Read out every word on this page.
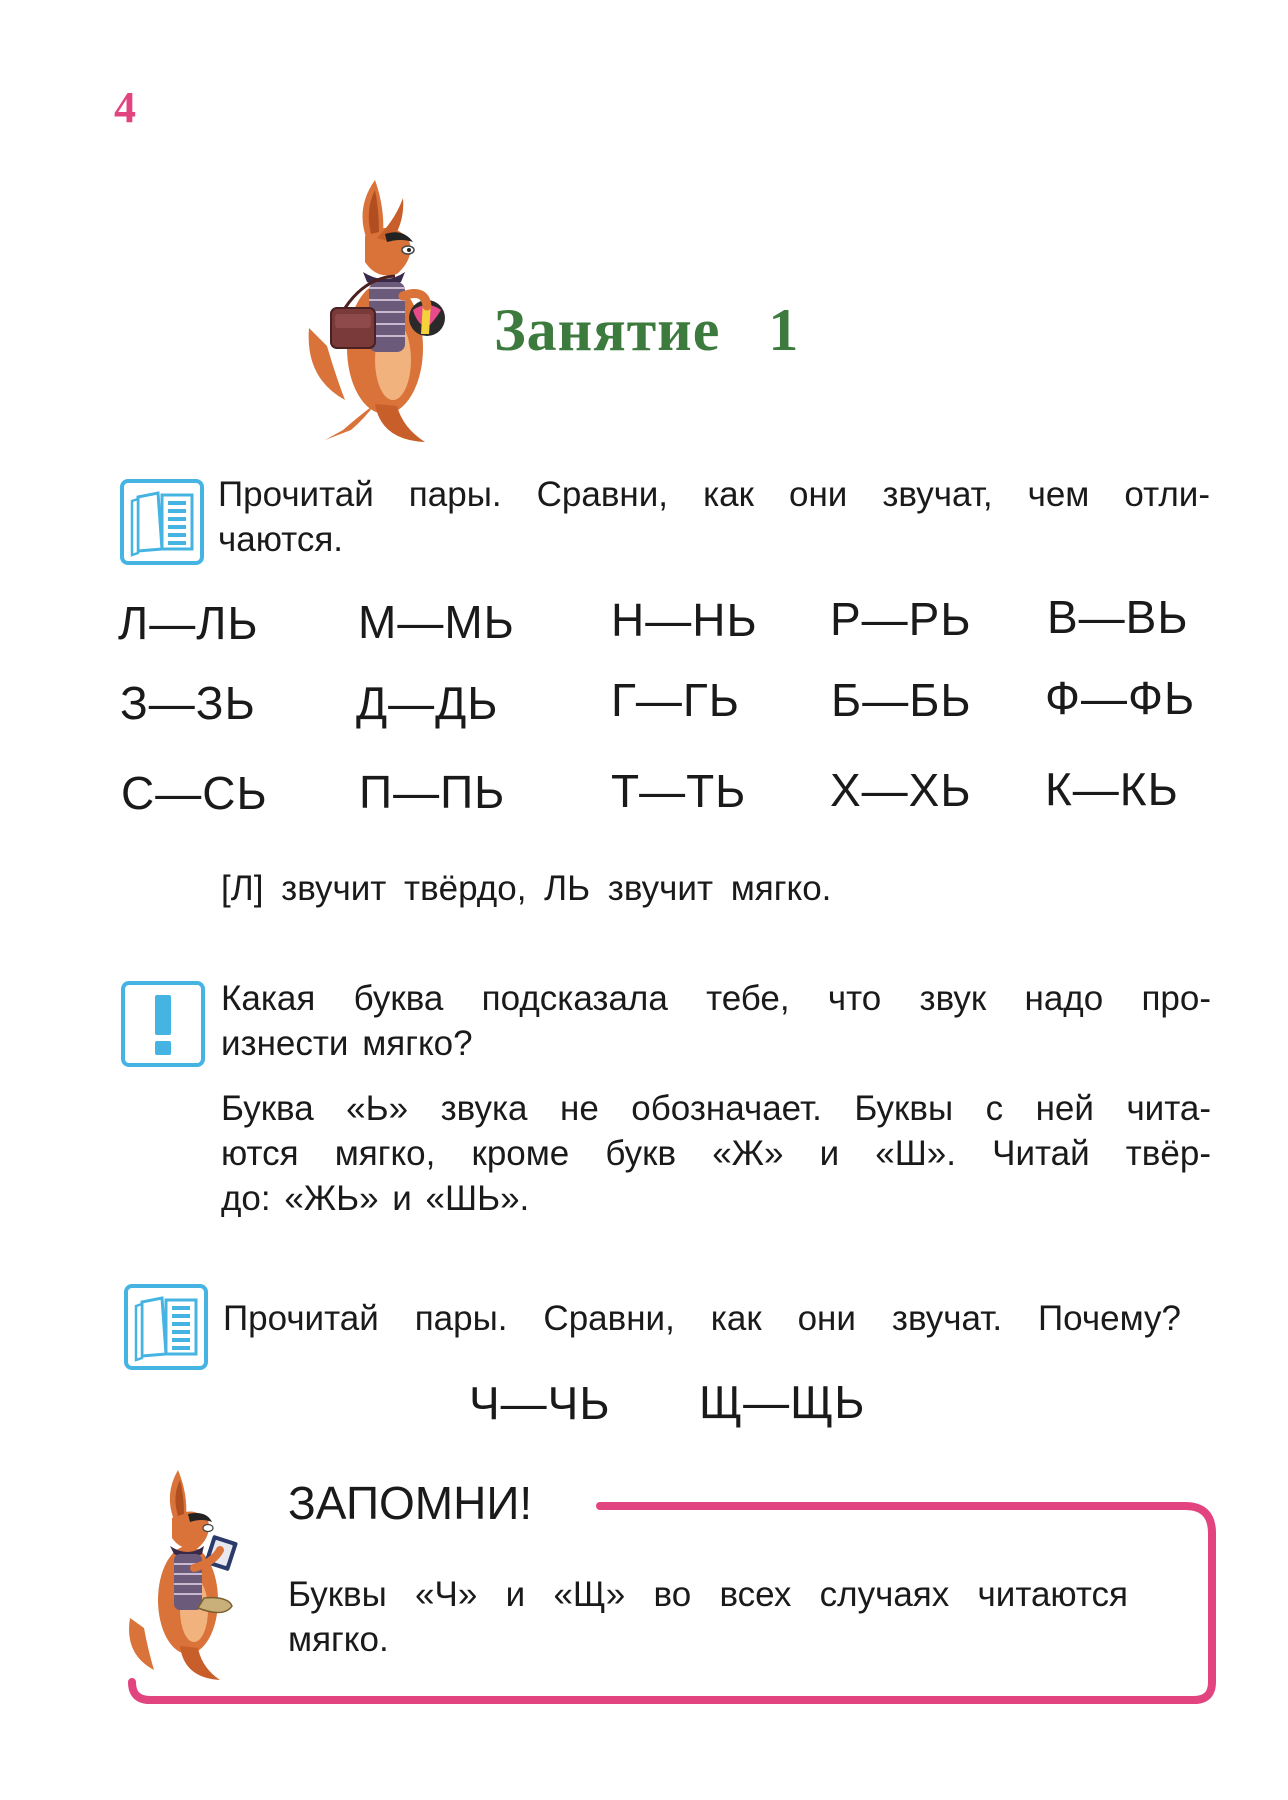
4
Занятие 1
Прочитай пары. Сравни, как они звучат, чем отли-
чаются.
Л—ЛЬ М—МЬ Н—НЬ Р—РЬ В—ВЬ
З—ЗЬ Д—ДЬ Г—ГЬ Б—БЬ Ф—ФЬ
С—СЬ П—ПЬ Т—ТЬ Х—ХЬ К—КЬ
[Л] звучит твёрдо, ЛЬ звучит мягко.
Какая буква подсказала тебе, что звук надо про-
изнести мягко?
Буква «Ь» звука не обозначает. Буквы с ней чита-
ются мягко, кроме букв «Ж» и «Ш». Читай твёр-
до: «ЖЬ» и «ШЬ».
Прочитай пары. Сравни, как они звучат. Почему?
Ч—ЧЬ Щ—ЩЬ
ЗАПОМНИ!
Буквы «Ч» и «Щ» во всех случаях читаются
мягко.
